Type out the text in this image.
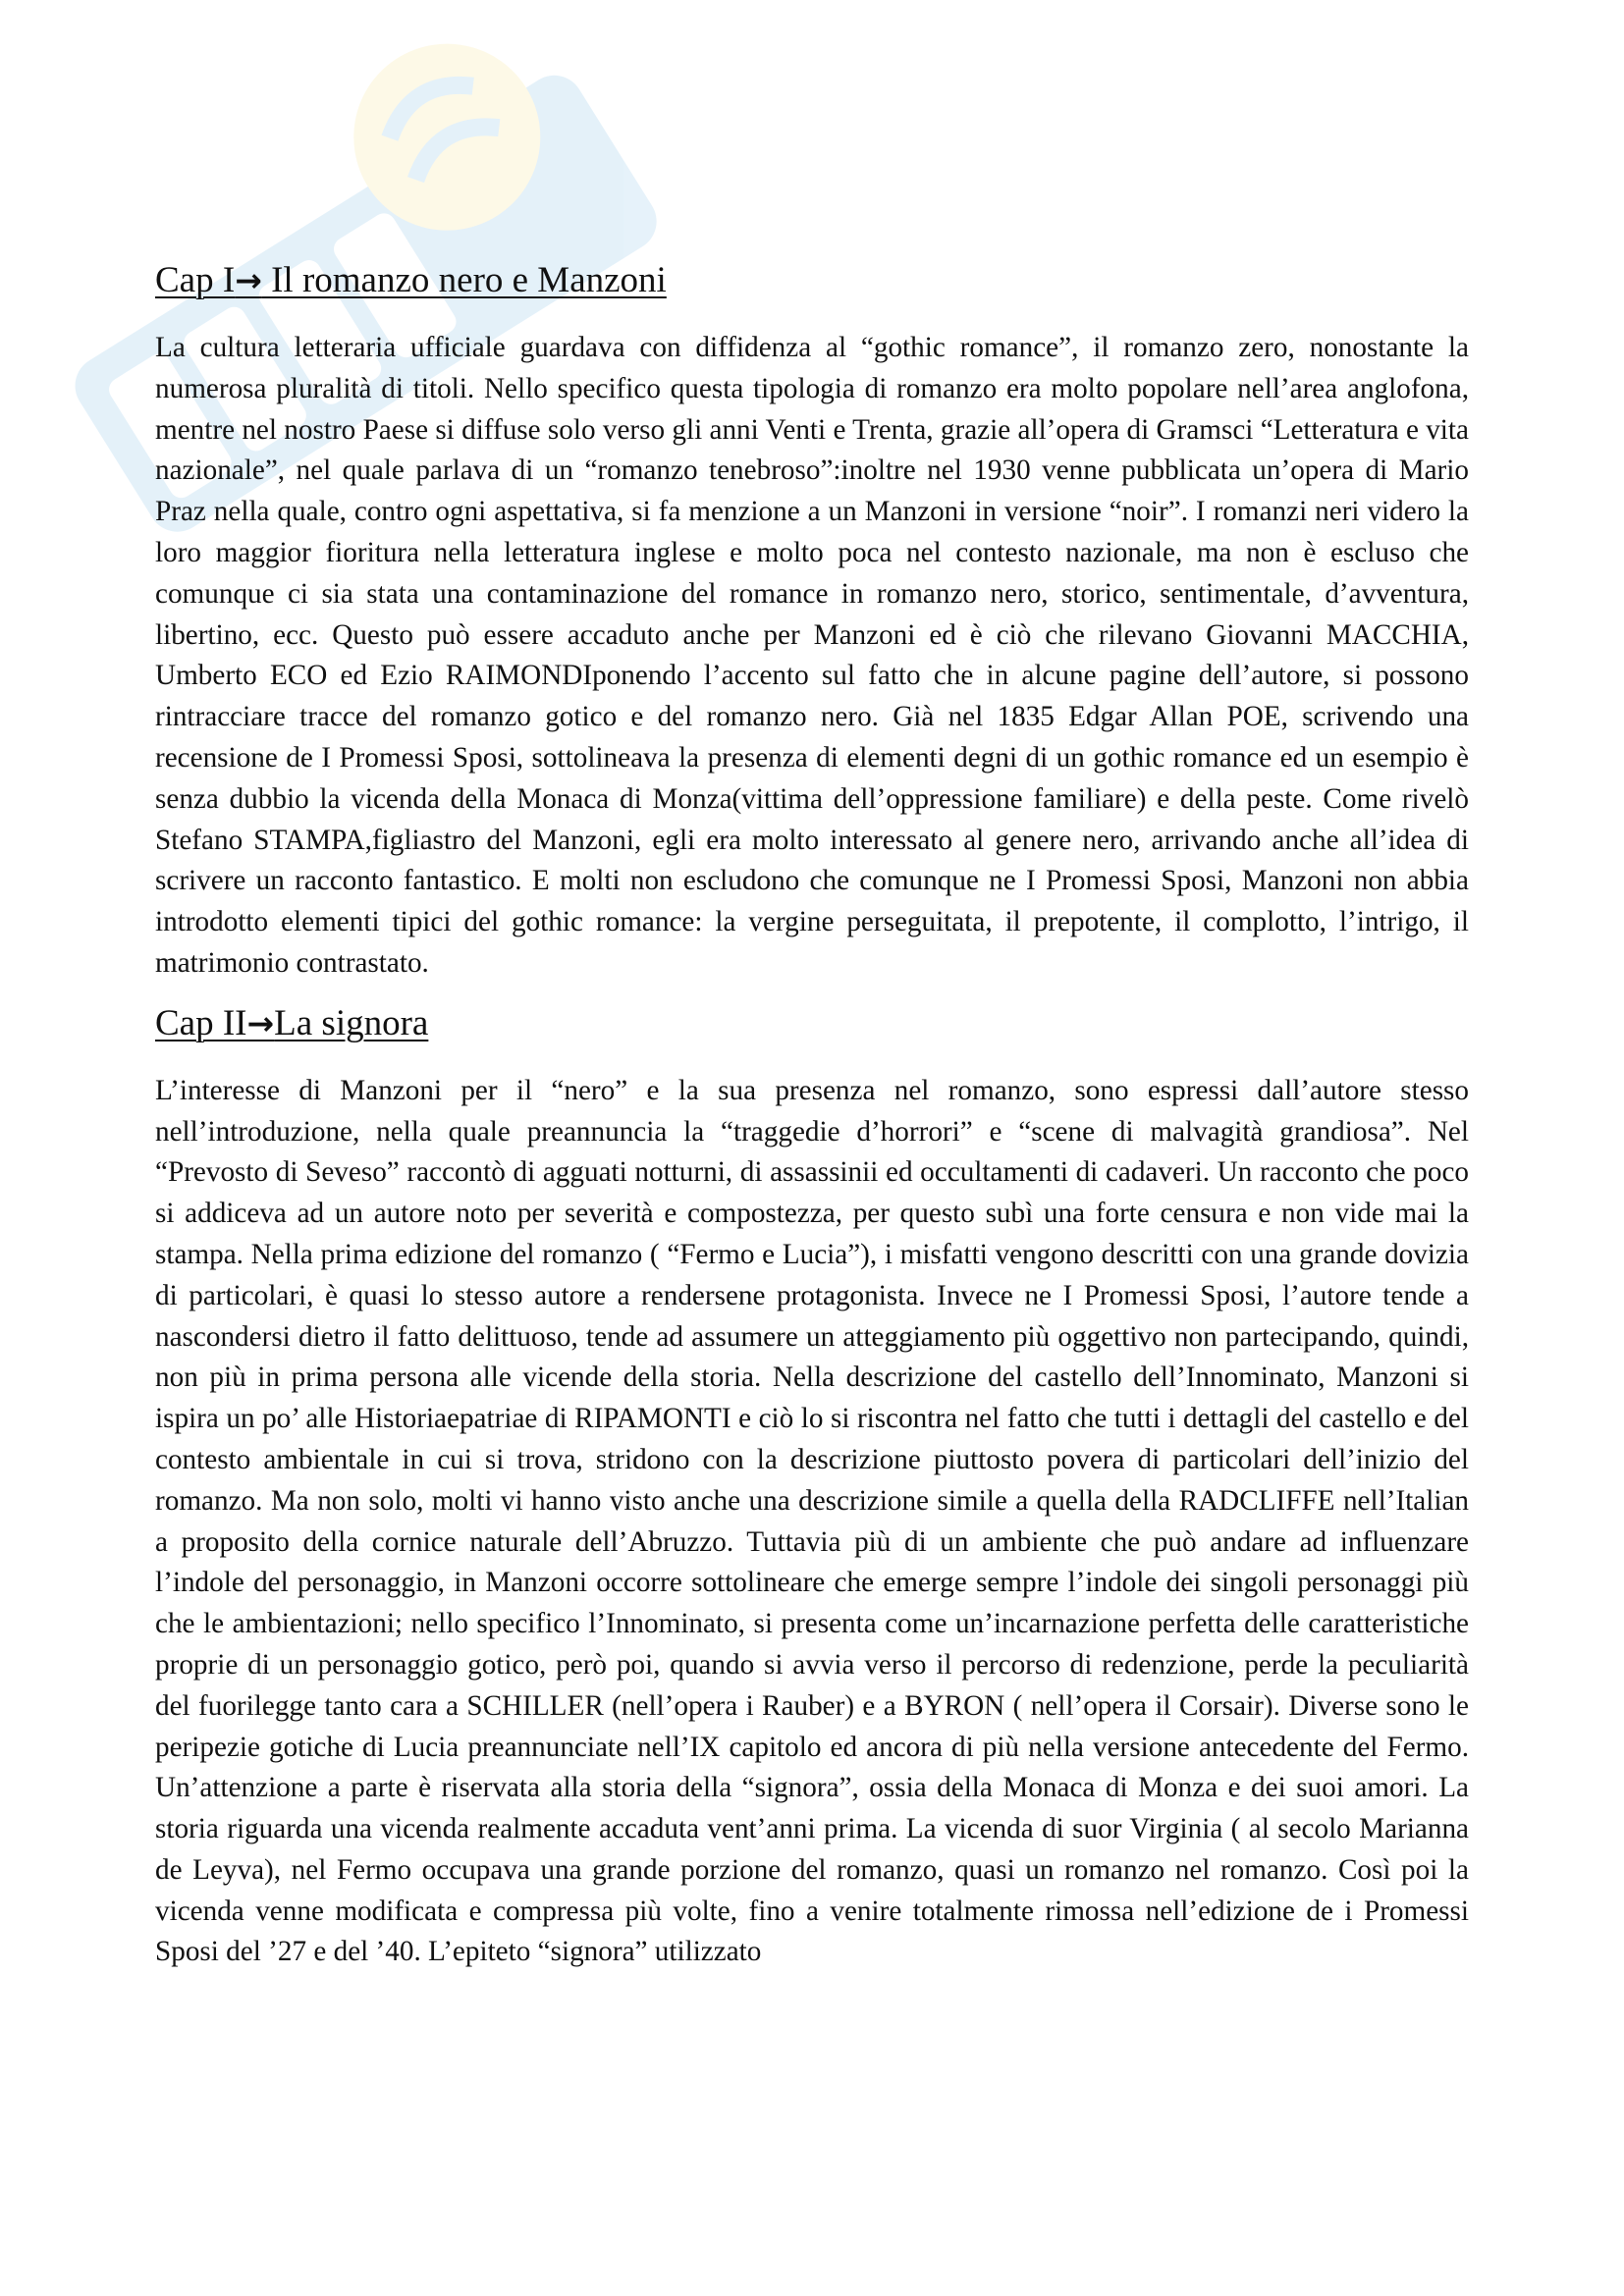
Cap I→ Il romanzo nero e Manzoni

La cultura letteraria ufficiale guardava con diffidenza al “gothic romance”, il romanzo zero, nonostante la numerosa pluralità di titoli. Nello specifico questa tipologia di romanzo era molto popolare nell’area anglofona, mentre nel nostro Paese si diffuse solo verso gli anni Venti e Trenta, grazie all’opera di Gramsci “Letteratura e vita nazionale”, nel quale parlava di un “romanzo tenebroso”:inoltre nel 1930 venne pubblicata un’opera di Mario Praz nella quale, contro ogni aspettativa, si fa menzione a un Manzoni in versione “noir”. I romanzi neri videro la loro maggior fioritura nella letteratura inglese e molto poca nel contesto nazionale, ma non è escluso che comunque ci sia stata una contaminazione del romance in romanzo nero, storico, sentimentale, d’avventura, libertino, ecc. Questo può essere accaduto anche per Manzoni ed è ciò che rilevano Giovanni MACCHIA, Umberto ECO ed Ezio RAIMONDIponendo l’accento sul fatto che in alcune pagine dell’autore, si possono rintracciare tracce del romanzo gotico e del romanzo nero. Già nel 1835 Edgar Allan POE, scrivendo una recensione de I Promessi Sposi, sottolineava la presenza di elementi degni di un gothic romance ed un esempio è senza dubbio la vicenda della Monaca di Monza(vittima dell’oppressione familiare) e della peste. Come rivelò Stefano STAMPA,figliastro del Manzoni, egli era molto interessato al genere nero, arrivando anche all’idea di scrivere un racconto fantastico. E molti non escludono che comunque ne I Promessi Sposi, Manzoni non abbia introdotto elementi tipici del gothic romance: la vergine perseguitata, il prepotente, il complotto, l’intrigo, il matrimonio contrastato.

Cap II→La signora

L’interesse di Manzoni per il “nero” e la sua presenza nel romanzo, sono espressi dall’autore stesso nell’introduzione, nella quale preannuncia la “traggedie d’horrori” e “scene di malvagità grandiosa”. Nel “Prevosto di Seveso” raccontò di agguati notturni, di assassinii ed occultamenti di cadaveri. Un racconto che poco si addiceva ad un autore noto per severità e compostezza, per questo subì una forte censura e non vide mai la stampa. Nella prima edizione del romanzo ( “Fermo e Lucia”), i misfatti vengono descritti con una grande dovizia di particolari, è quasi lo stesso autore a rendersene protagonista. Invece ne I Promessi Sposi, l’autore tende a nascondersi dietro il fatto delittuoso, tende ad assumere un atteggiamento più oggettivo non partecipando, quindi, non più in prima persona alle vicende della storia. Nella descrizione del castello dell’Innominato, Manzoni si ispira un po’ alle Historiaepatriae di RIPAMONTI e ciò lo si riscontra nel fatto che tutti i dettagli del castello e del contesto ambientale in cui si trova, stridono con la descrizione piuttosto povera di particolari dell’inizio del romanzo. Ma non solo, molti vi hanno visto anche una descrizione simile a quella della RADCLIFFE nell’Italian a proposito della cornice naturale dell’Abruzzo. Tuttavia più di un ambiente che può andare ad influenzare l’indole del personaggio, in Manzoni occorre sottolineare che emerge sempre l’indole dei singoli personaggi più che le ambientazioni; nello specifico l’Innominato, si presenta come un’incarnazione perfetta delle caratteristiche proprie di un personaggio gotico, però poi, quando si avvia verso il percorso di redenzione, perde la peculiarità del fuorilegge tanto cara a SCHILLER (nell’opera i Rauber) e a BYRON ( nell’opera il Corsair). Diverse sono le peripezie gotiche di Lucia preannunciate nell’IX capitolo ed ancora di più nella versione antecedente del Fermo. Un’attenzione a parte è riservata alla storia della “signora”, ossia della Monaca di Monza e dei suoi amori. La storia riguarda una vicenda realmente accaduta vent’anni prima. La vicenda di suor Virginia ( al secolo Marianna de Leyva), nel Fermo occupava una grande porzione del romanzo, quasi un romanzo nel romanzo. Così poi la vicenda venne modificata e compressa più volte, fino a venire totalmente rimossa nell’edizione de i Promessi Sposi del ’27 e del ’40. L’epiteto “signora” utilizzato
